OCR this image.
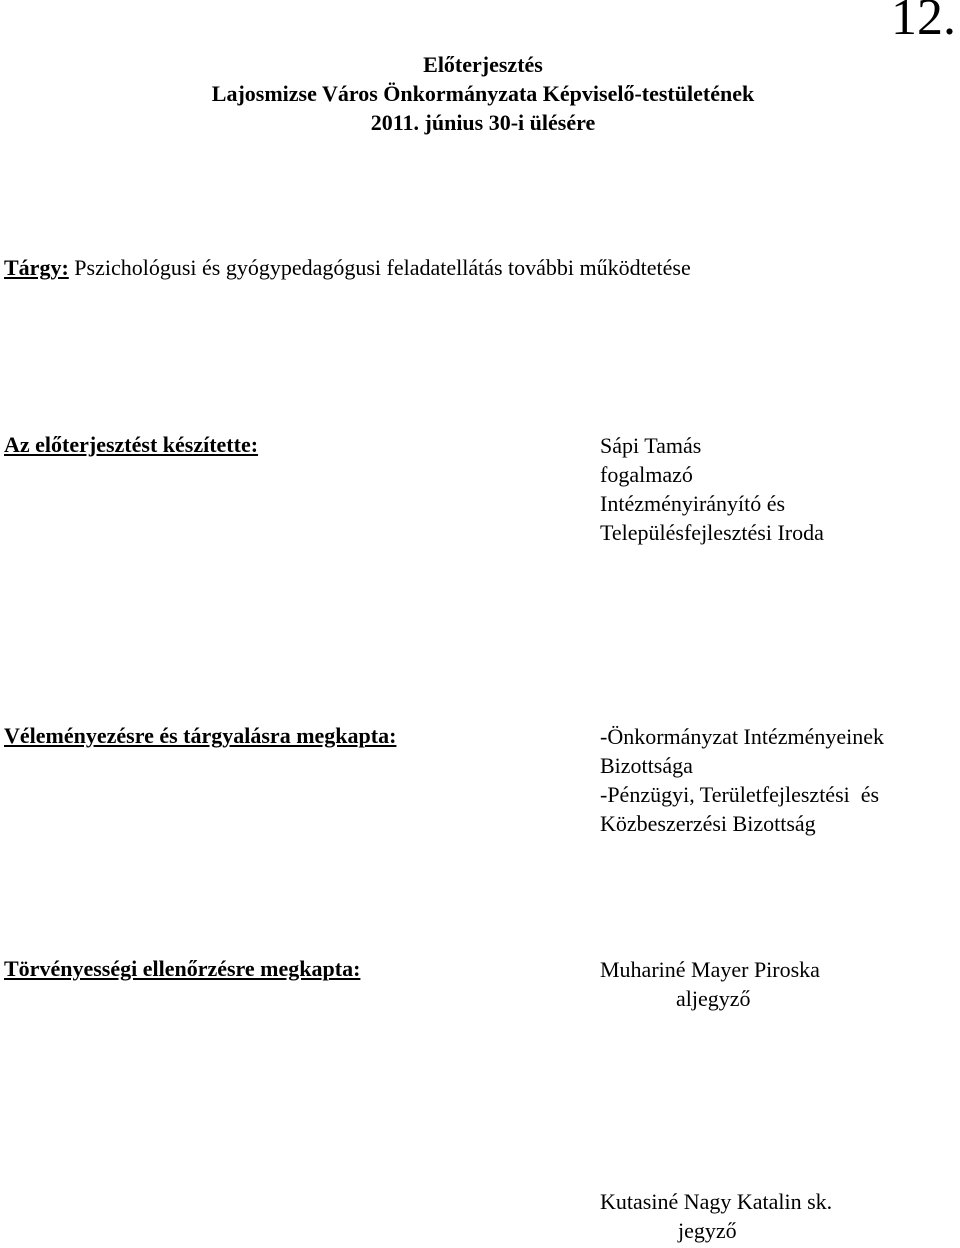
12.
Előterjesztés
Lajosmizse Város Önkormányzata Képviselő-testületének
2011. június 30-i ülésére
Tárgy: Pszichológusi és gyógypedagógusi feladatellátás további működtetése
Az előterjesztést készítette:	Sápi Tamás
fogalmazó
Intézményirányító és
Településfejlesztési Iroda
Véleményezésre és tárgyalásra megkapta:	-Önkormányzat Intézményeinek
Bizottsága
-Pénzügyi, Területfejlesztési  és
Közbeszerzési Bizottság
Törvényességi ellenőrzésre megkapta:	Muhariné Mayer Piroska
aljegyző
Kutasiné Nagy Katalin sk.
jegyző
